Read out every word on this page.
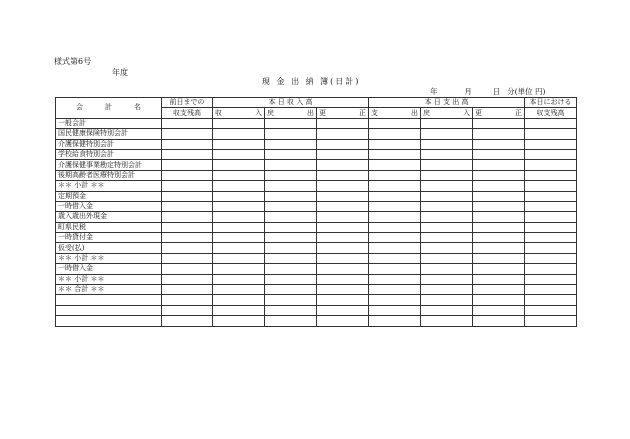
様式第6号
年度
現 金 出 納 簿(日計)
年	月	日 分(単位 円)
会 計 名	前日までの	本 日 収 入 高			本 日 支 出 高			本日における
	収支残高	収 入	戻 出	更 正	支 出	戻 入	更 正	収支残高
一般会計								
国民健康保険特別会計								
介護保健特別会計								
学校給食特別会計								
介護保健事業勘定特別会計								
後期高齢者医療特別会計								
＊＊ 小計 ＊＊								
定期預金								
一時借入金								
歳入歳出外現金								
町県民税								
一時貸付金								
仮受(払)								
＊＊ 小計 ＊＊								
一時借入金								
＊＊ 小計 ＊＊								
＊＊ 合計 ＊＊								
